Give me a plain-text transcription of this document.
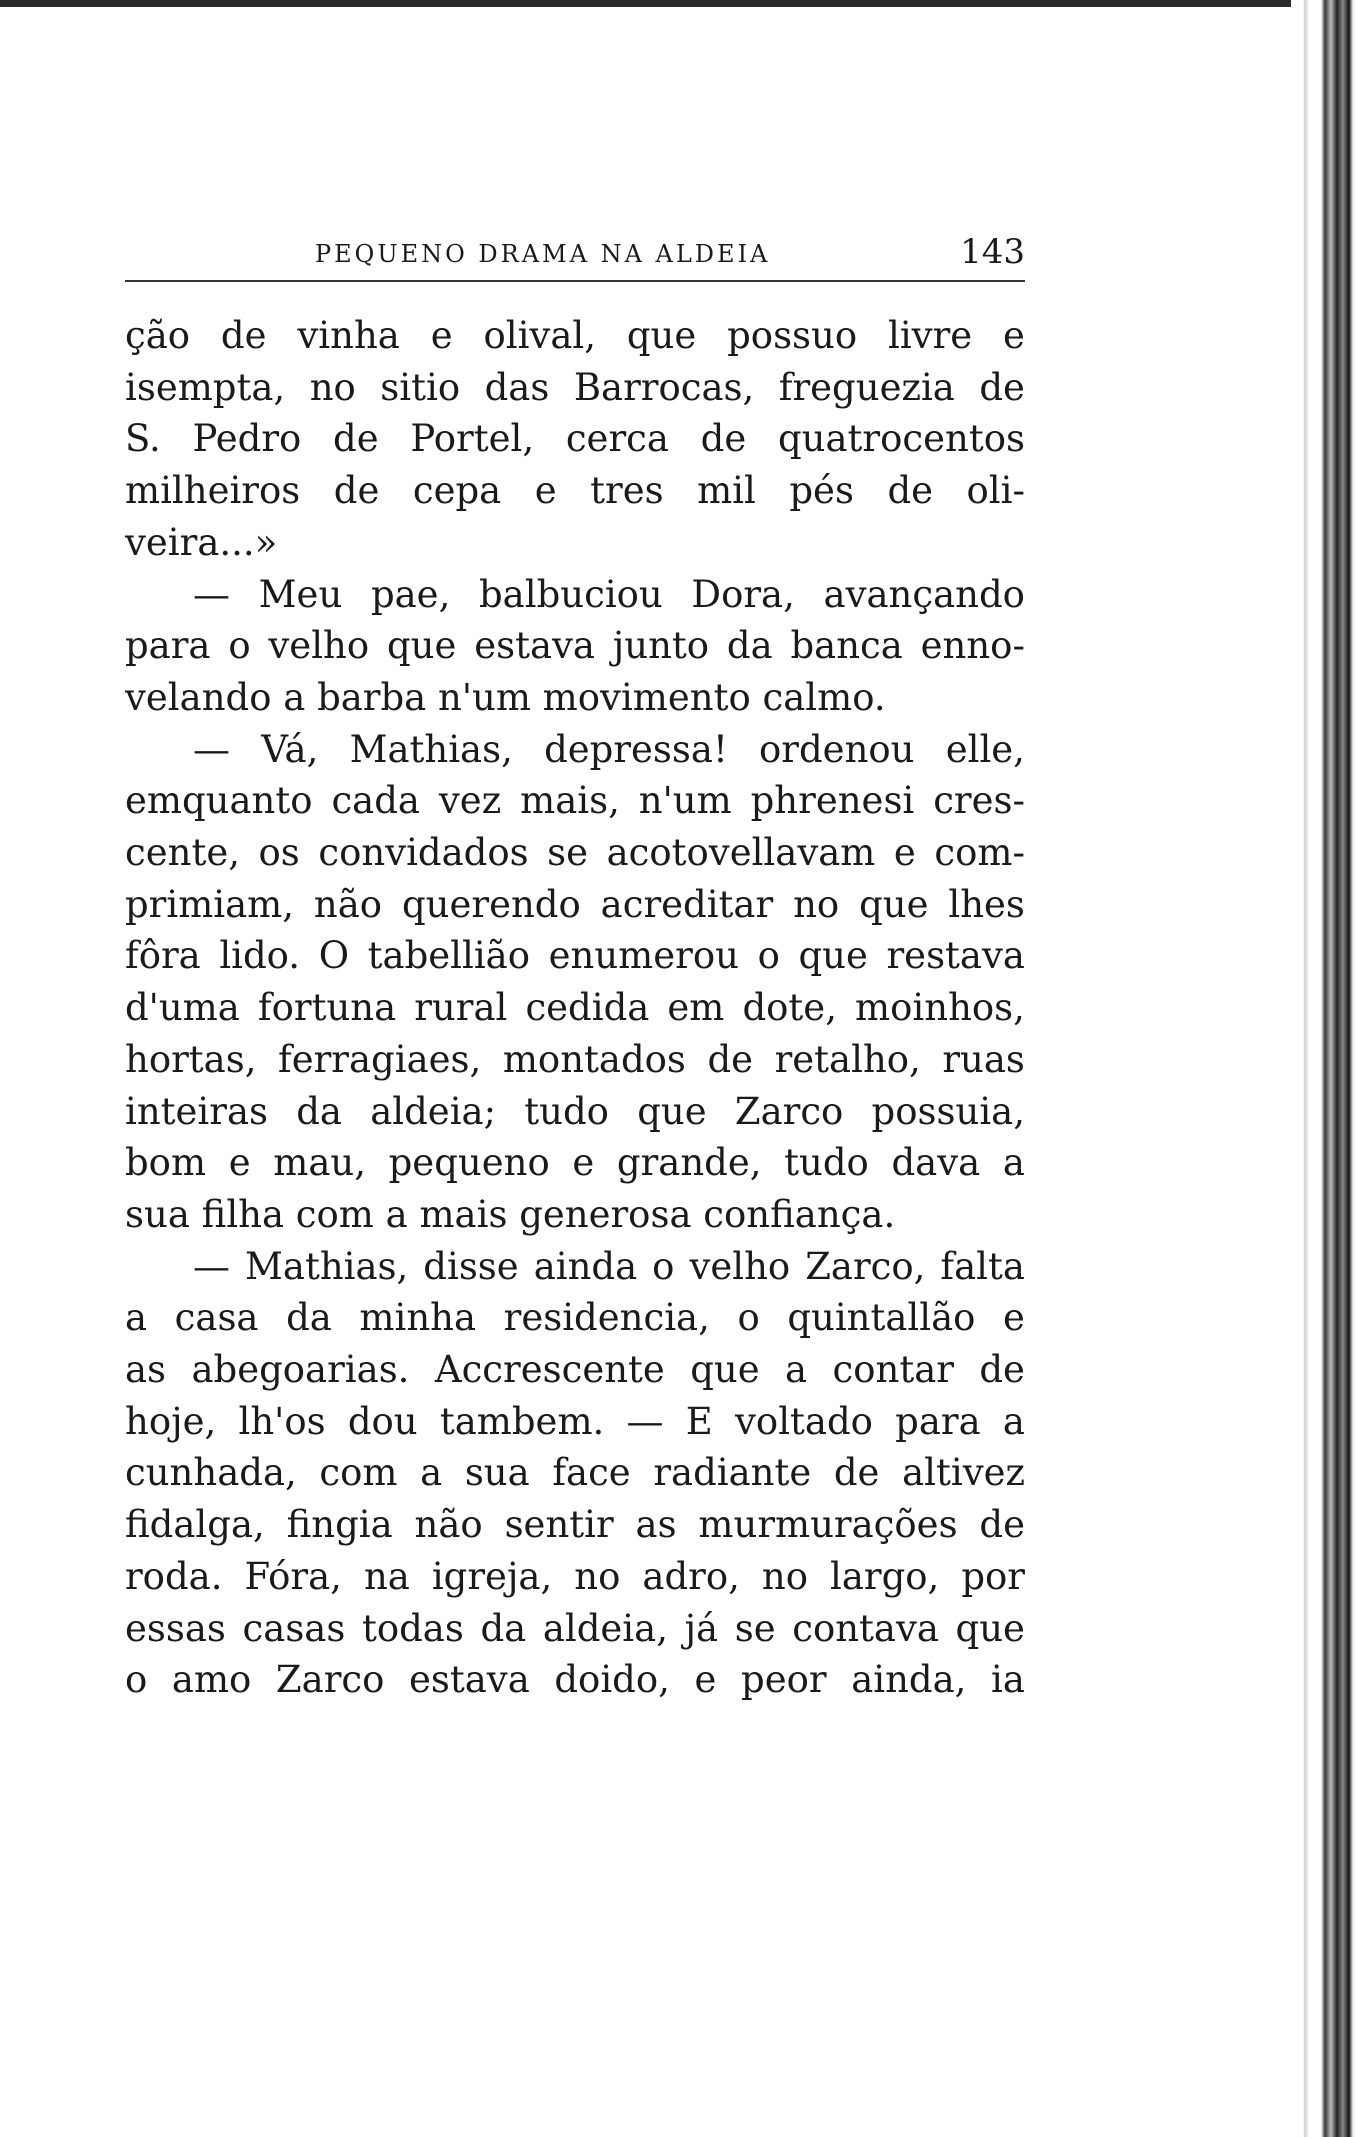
PEQUENO DRAMA NA ALDEIA	143
ção de vinha e olival, que possuo livre e
isempta, no sitio das Barrocas, freguezia de
S. Pedro de Portel, cerca de quatrocentos
milheiros de cepa e tres mil pés de oli-
veira...»
— Meu pae, balbuciou Dora, avançando
para o velho que estava junto da banca enno-
velando a barba n'um movimento calmo.
— Vá, Mathias, depressa! ordenou elle,
emquanto cada vez mais, n'um phrenesi cres-
cente, os convidados se acotovellavam e com-
primiam, não querendo acreditar no que lhes
fôra lido. O tabellião enumerou o que restava
d'uma fortuna rural cedida em dote, moinhos,
hortas, ferragiaes, montados de retalho, ruas
inteiras da aldeia; tudo que Zarco possuia,
bom e mau, pequeno e grande, tudo dava a
sua filha com a mais generosa confiança.
— Mathias, disse ainda o velho Zarco, falta
a casa da minha residencia, o quintallão e
as abegoarias. Accrescente que a contar de
hoje, lh'os dou tambem. — E voltado para a
cunhada, com a sua face radiante de altivez
fidalga, fingia não sentir as murmurações de
roda. Fóra, na igreja, no adro, no largo, por
essas casas todas da aldeia, já se contava que
o amo Zarco estava doido, e peor ainda, ia
